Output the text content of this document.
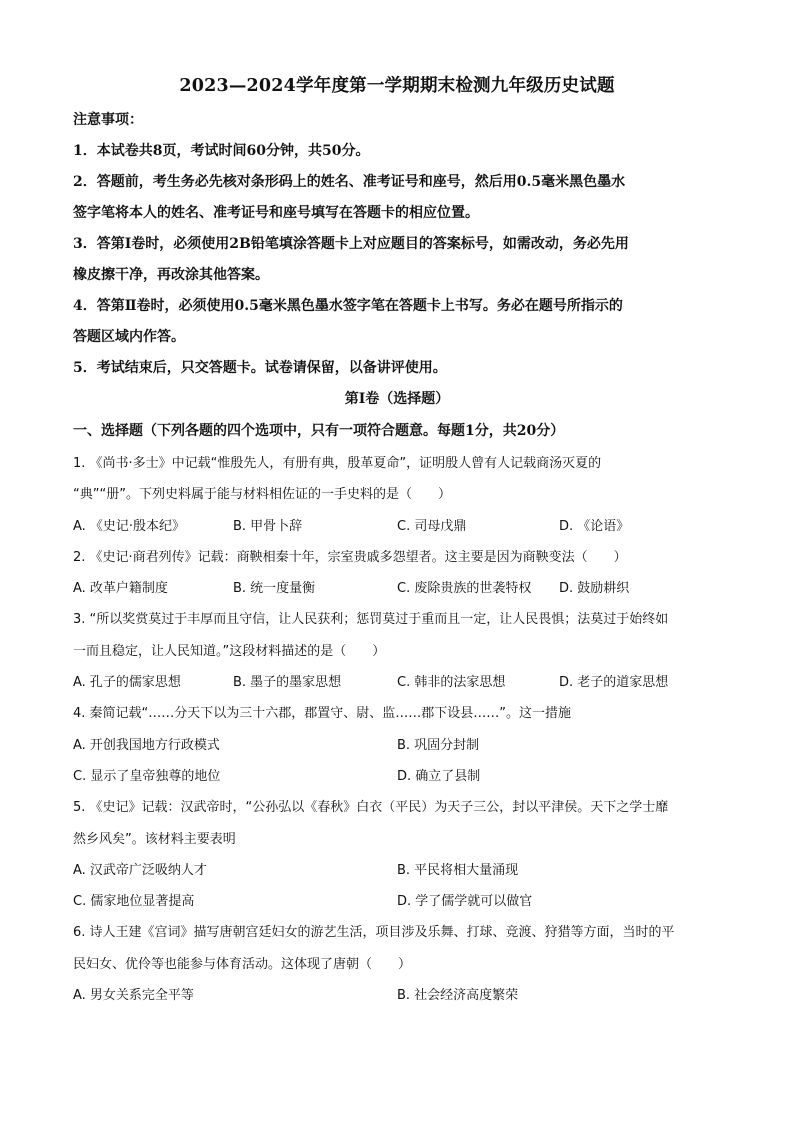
2023—2024学年度第一学期期末检测九年级历史试题
注意事项：
1．本试卷共8页，考试时间60分钟，共50分。
2．答题前，考生务必先核对条形码上的姓名、准考证号和座号，然后用0.5毫米黑色墨水
签字笔将本人的姓名、准考证号和座号填写在答题卡的相应位置。
3．答第Ⅰ卷时，必须使用2B铅笔填涂答题卡上对应题目的答案标号，如需改动，务必先用
橡皮擦干净，再改涂其他答案。
4．答第Ⅱ卷时，必须使用0.5毫米黑色墨水签字笔在答题卡上书写。务必在题号所指示的
答题区域内作答。
5．考试结束后，只交答题卡。试卷请保留，以备讲评使用。
第Ⅰ卷（选择题）
一、选择题（下列各题的四个选项中，只有一项符合题意。每题1分，共20分）
1. 《尚书·多士》中记载“惟殷先人，有册有典，殷革夏命”，证明殷人曾有人记载商汤灭夏的
“典”“册”。下列史料属于能与材料相佐证的一手史料的是（　　）
A. 《史记·殷本纪》	B. 甲骨卜辞	C. 司母戊鼎	D. 《论语》
2. 《史记·商君列传》记载：商鞅相秦十年，宗室贵戚多怨望者。这主要是因为商鞅变法（　　）
A. 改革户籍制度	B. 统一度量衡	C. 废除贵族的世袭特权 D. 鼓励耕织
3. “所以奖赏莫过于丰厚而且守信，让人民获利；惩罚莫过于重而且一定，让人民畏惧；法莫过于始终如
一而且稳定，让人民知道。”这段材料描述的是（　　）
A. 孔子的儒家思想	B. 墨子的墨家思想	C. 韩非的法家思想	D. 老子的道家思想
4. 秦简记载“……分天下以为三十六郡，郡置守、尉、监……郡下设县……”。这一措施
A. 开创我国地方行政模式	B. 巩固分封制
C. 显示了皇帝独尊的地位	D. 确立了县制
5. 《史记》记载：汉武帝时，“公孙弘以《春秋》白衣（平民）为天子三公，封以平津侯。天下之学士靡
然乡风矣”。该材料主要表明
A. 汉武帝广泛吸纳人才	B. 平民将相大量涌现
C. 儒家地位显著提高	D. 学了儒学就可以做官
6. 诗人王建《宫词》描写唐朝宫廷妇女的游艺生活，项目涉及乐舞、打球、竞渡、狩猎等方面，当时的平
民妇女、优伶等也能参与体育活动。这体现了唐朝（　　）
A. 男女关系完全平等	B. 社会经济高度繁荣
